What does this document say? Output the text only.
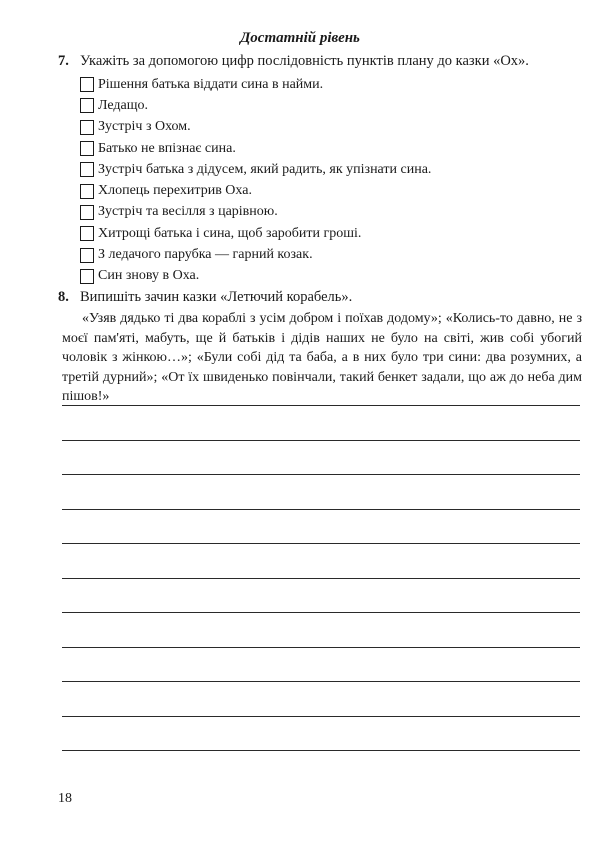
Достатній рівень
7. Укажіть за допомогою цифр послідовність пунктів плану до казки «Ох».
Рішення батька віддати сина в найми.
Ледащо.
Зустріч з Охом.
Батько не впізнає сина.
Зустріч батька з дідусем, який радить, як упізнати сина.
Хлопець перехитрив Оха.
Зустріч та весілля з царівною.
Хитрощі батька і сина, щоб заробити гроші.
З ледачого парубка — гарний козак.
Син знову в Оха.
8. Випишіть зачин казки «Летючий корабель».

«Узяв дядько ті два кораблі з усім добром і поїхав додому»; «Колись-то давно, не з моєї пам'яті, мабуть, ще й батьків і дідів наших не було на світі, жив собі убогий чоловік з жінкою…»; «Були собі дід та баба, а в них було три сини: два розумних, а третій дурний»; «От їх швиденько повінчали, такий бенкет задали, що аж до неба дим пішов!»

18
